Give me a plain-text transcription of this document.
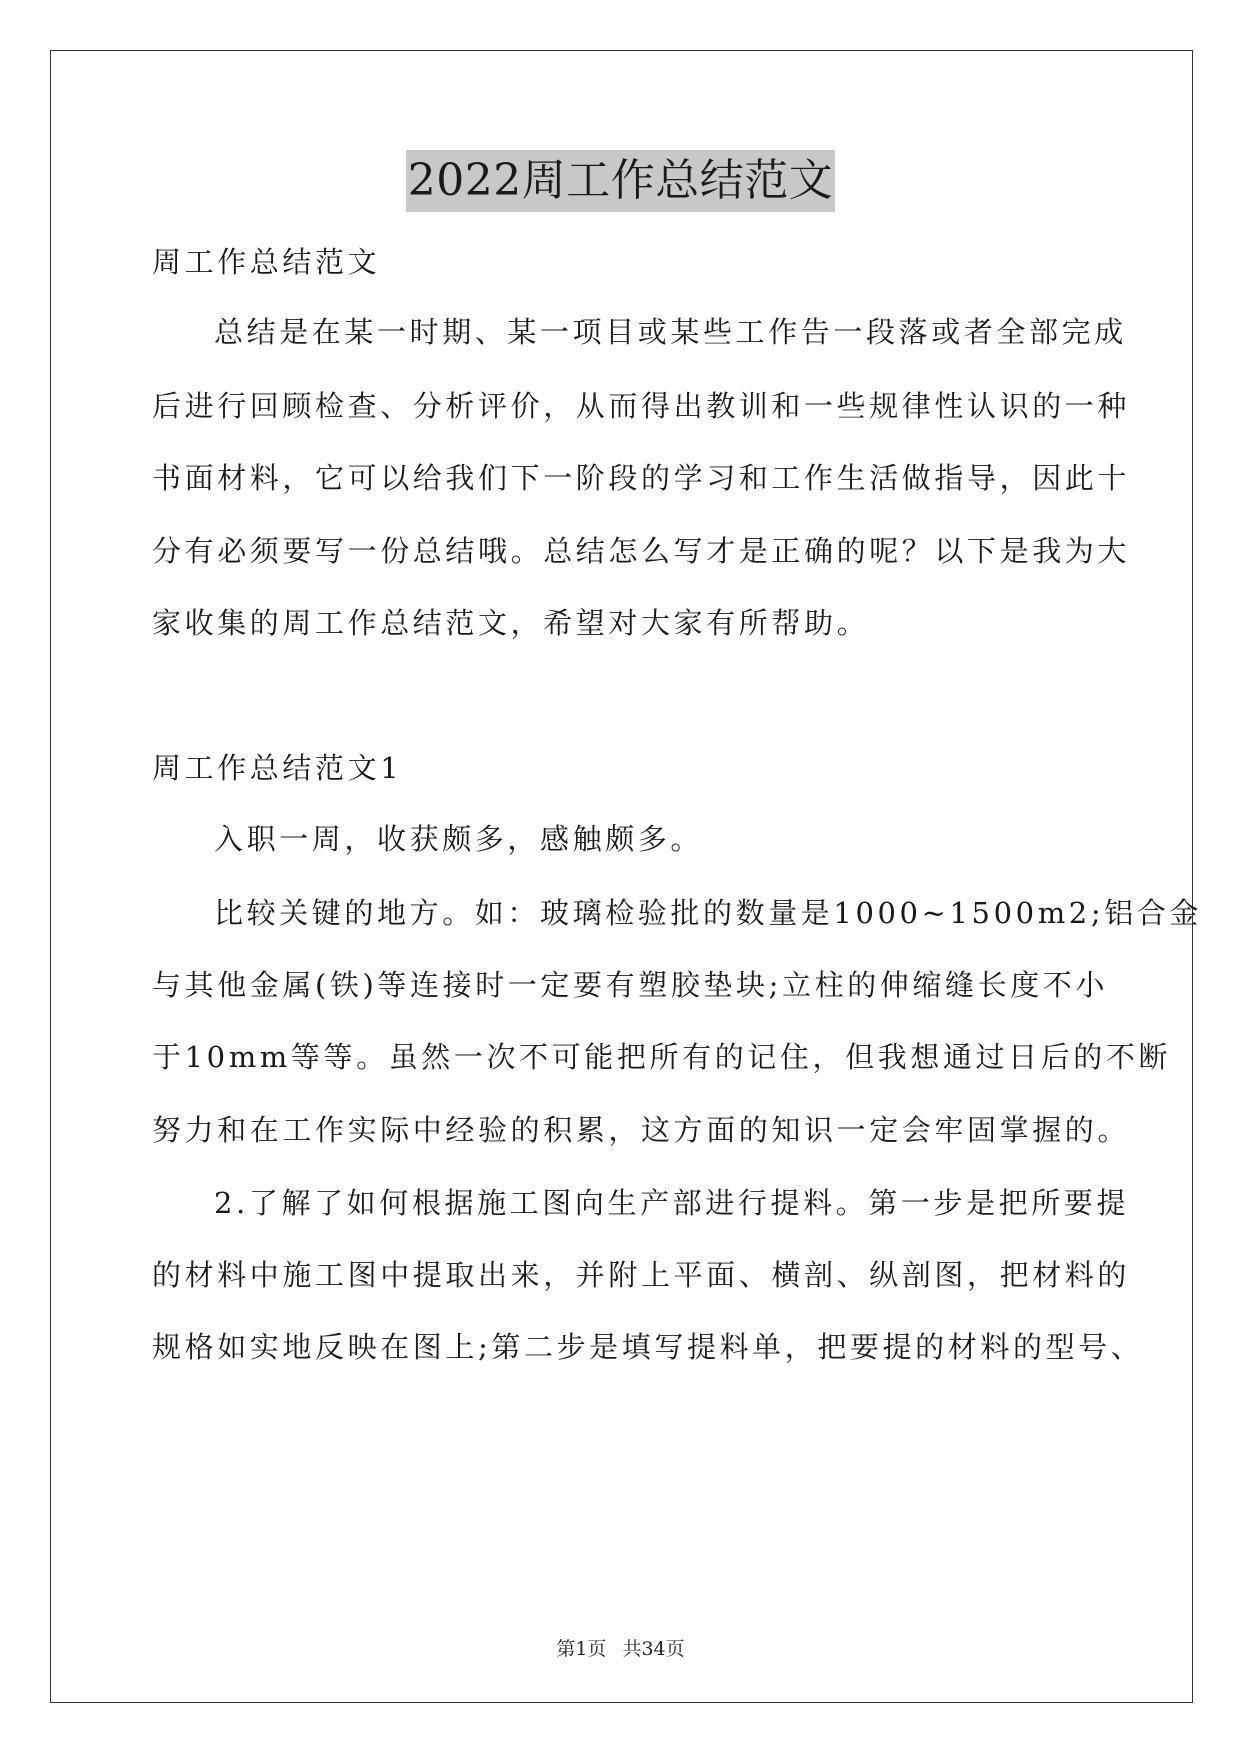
2022周工作总结范文
周工作总结范文
总结是在某一时期、某一项目或某些工作告一段落或者全部完成
后进行回顾检查、分析评价，从而得出教训和一些规律性认识的一种
书面材料，它可以给我们下一阶段的学习和工作生活做指导，因此十
分有必须要写一份总结哦。总结怎么写才是正确的呢？以下是我为大
家收集的周工作总结范文，希望对大家有所帮助。
周工作总结范文1
入职一周，收获颇多，感触颇多。
比较关键的地方。如：玻璃检验批的数量是1000~1500m2;铝合金
与其他金属(铁)等连接时一定要有塑胶垫块;立柱的伸缩缝长度不小
于10mm等等。虽然一次不可能把所有的记住，但我想通过日后的不断
努力和在工作实际中经验的积累，这方面的知识一定会牢固掌握的。
2.了解了如何根据施工图向生产部进行提料。第一步是把所要提
的材料中施工图中提取出来，并附上平面、横剖、纵剖图，把材料的
规格如实地反映在图上;第二步是填写提料单，把要提的材料的型号、
第1页 共34页
